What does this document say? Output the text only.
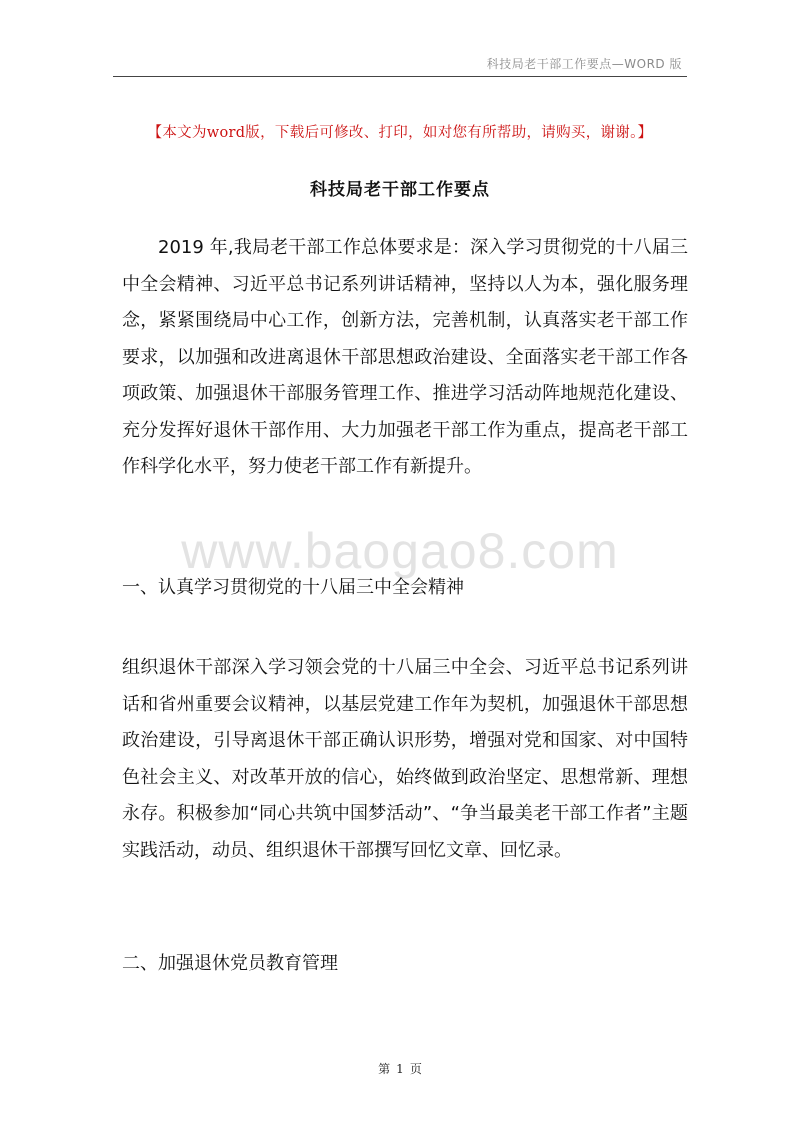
科技局老干部工作要点—WORD 版
【本文为word版，下载后可修改、打印，如对您有所帮助，请购买，谢谢。】
科技局老干部工作要点
2019 年,我局老干部工作总体要求是：深入学习贯彻党的十八届三中全会精神、习近平总书记系列讲话精神，坚持以人为本，强化服务理念，紧紧围绕局中心工作，创新方法，完善机制，认真落实老干部工作要求，以加强和改进离退休干部思想政治建设、全面落实老干部工作各项政策、加强退休干部服务管理工作、推进学习活动阵地规范化建设、充分发挥好退休干部作用、大力加强老干部工作为重点，提高老干部工作科学化水平，努力使老干部工作有新提升。
www.baogao8.com
一、认真学习贯彻党的十八届三中全会精神
组织退休干部深入学习领会党的十八届三中全会、习近平总书记系列讲话和省州重要会议精神，以基层党建工作年为契机，加强退休干部思想政治建设，引导离退休干部正确认识形势，增强对党和国家、对中国特色社会主义、对改革开放的信心，始终做到政治坚定、思想常新、理想永存。积极参加“同心共筑中国梦活动”、“争当最美老干部工作者”主题实践活动，动员、组织退休干部撰写回忆文章、回忆录。
二、加强退休党员教育管理
第 1 页
